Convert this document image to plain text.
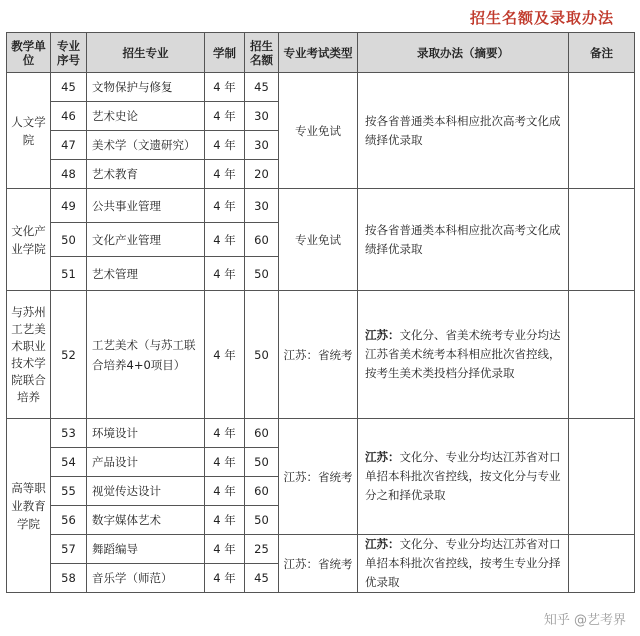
招生名额及录取办法
教学单位	专业序号	招生专业	学制	招生名额	专业考试类型	录取办法（摘要）	备注
人文学院	45	文物保护与修复	4 年	45	专业免试	按各省普通类本科相应批次高考文化成绩择优录取	
	46	艺术史论	4 年	30			
	47	美术学（文遗研究）	4 年	30			
	48	艺术教育	4 年	20			
文化产业学院	49	公共事业管理	4 年	30	专业免试	按各省普通类本科相应批次高考文化成绩择优录取	
	50	文化产业管理	4 年	60			
	51	艺术管理	4 年	50			
与苏州工艺美术职业技术学院联合培养	52	工艺美术（与苏工联合培养4+0项目）	4 年	50	江苏：省统考	江苏：文化分、省美术统考专业分均达江苏省美术统考本科相应批次省控线，按考生美术类投档分择优录取	
高等职业教育学院	53	环境设计	4 年	60	江苏：省统考	江苏：文化分、专业分均达江苏省对口单招本科批次省控线，按文化分与专业分之和择优录取	
	54	产品设计	4 年	50			
	55	视觉传达设计	4 年	60			
	56	数字媒体艺术	4 年	50			
	57	舞蹈编导	4 年	25	江苏：省统考	江苏：文化分、专业分均达江苏省对口单招本科批次省控线，按考生专业分择优录取	
	58	音乐学（师范）	4 年	45			
知乎 @艺考界
